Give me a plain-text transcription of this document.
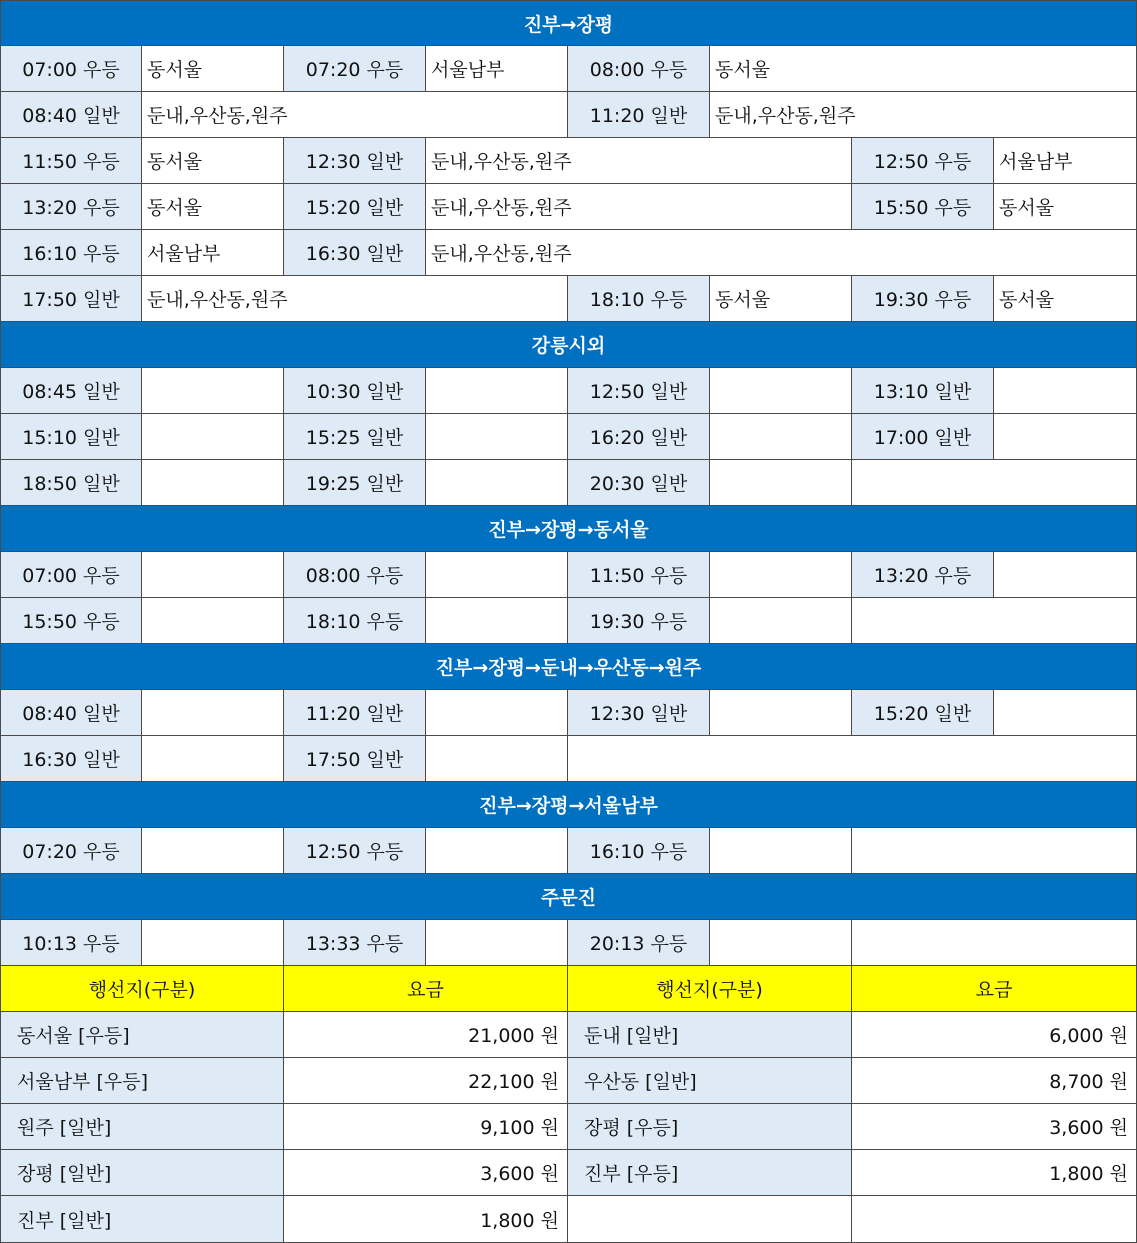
진부→장평
07:00 우등	동서울	07:20 우등	서울남부	08:00 우등	동서울
08:40 일반	둔내,우산동,원주	11:20 일반	둔내,우산동,원주
11:50 우등	동서울	12:30 일반	둔내,우산동,원주	12:50 우등	서울남부
13:20 우등	동서울	15:20 일반	둔내,우산동,원주	15:50 우등	동서울
16:10 우등	서울남부	16:30 일반	둔내,우산동,원주
17:50 일반	둔내,우산동,원주	18:10 우등	동서울	19:30 우등	동서울
강릉시외
08:45 일반	10:30 일반	12:50 일반	13:10 일반
15:10 일반	15:25 일반	16:20 일반	17:00 일반
18:50 일반	19:25 일반	20:30 일반
진부→장평→동서울
07:00 우등	08:00 우등	11:50 우등	13:20 우등
15:50 우등	18:10 우등	19:30 우등
진부→장평→둔내→우산동→원주
08:40 일반	11:20 일반	12:30 일반	15:20 일반
16:30 일반	17:50 일반
진부→장평→서울남부
07:20 우등	12:50 우등	16:10 우등
주문진
10:13 우등	13:33 우등	20:13 우등
행선지(구분)	요금	행선지(구분)	요금
동서울 [우등]	21,000 원	둔내 [일반]	6,000 원
서울남부 [우등]	22,100 원	우산동 [일반]	8,700 원
원주 [일반]	9,100 원	장평 [우등]	3,600 원
장평 [일반]	3,600 원	진부 [우등]	1,800 원
진부 [일반]	1,800 원
